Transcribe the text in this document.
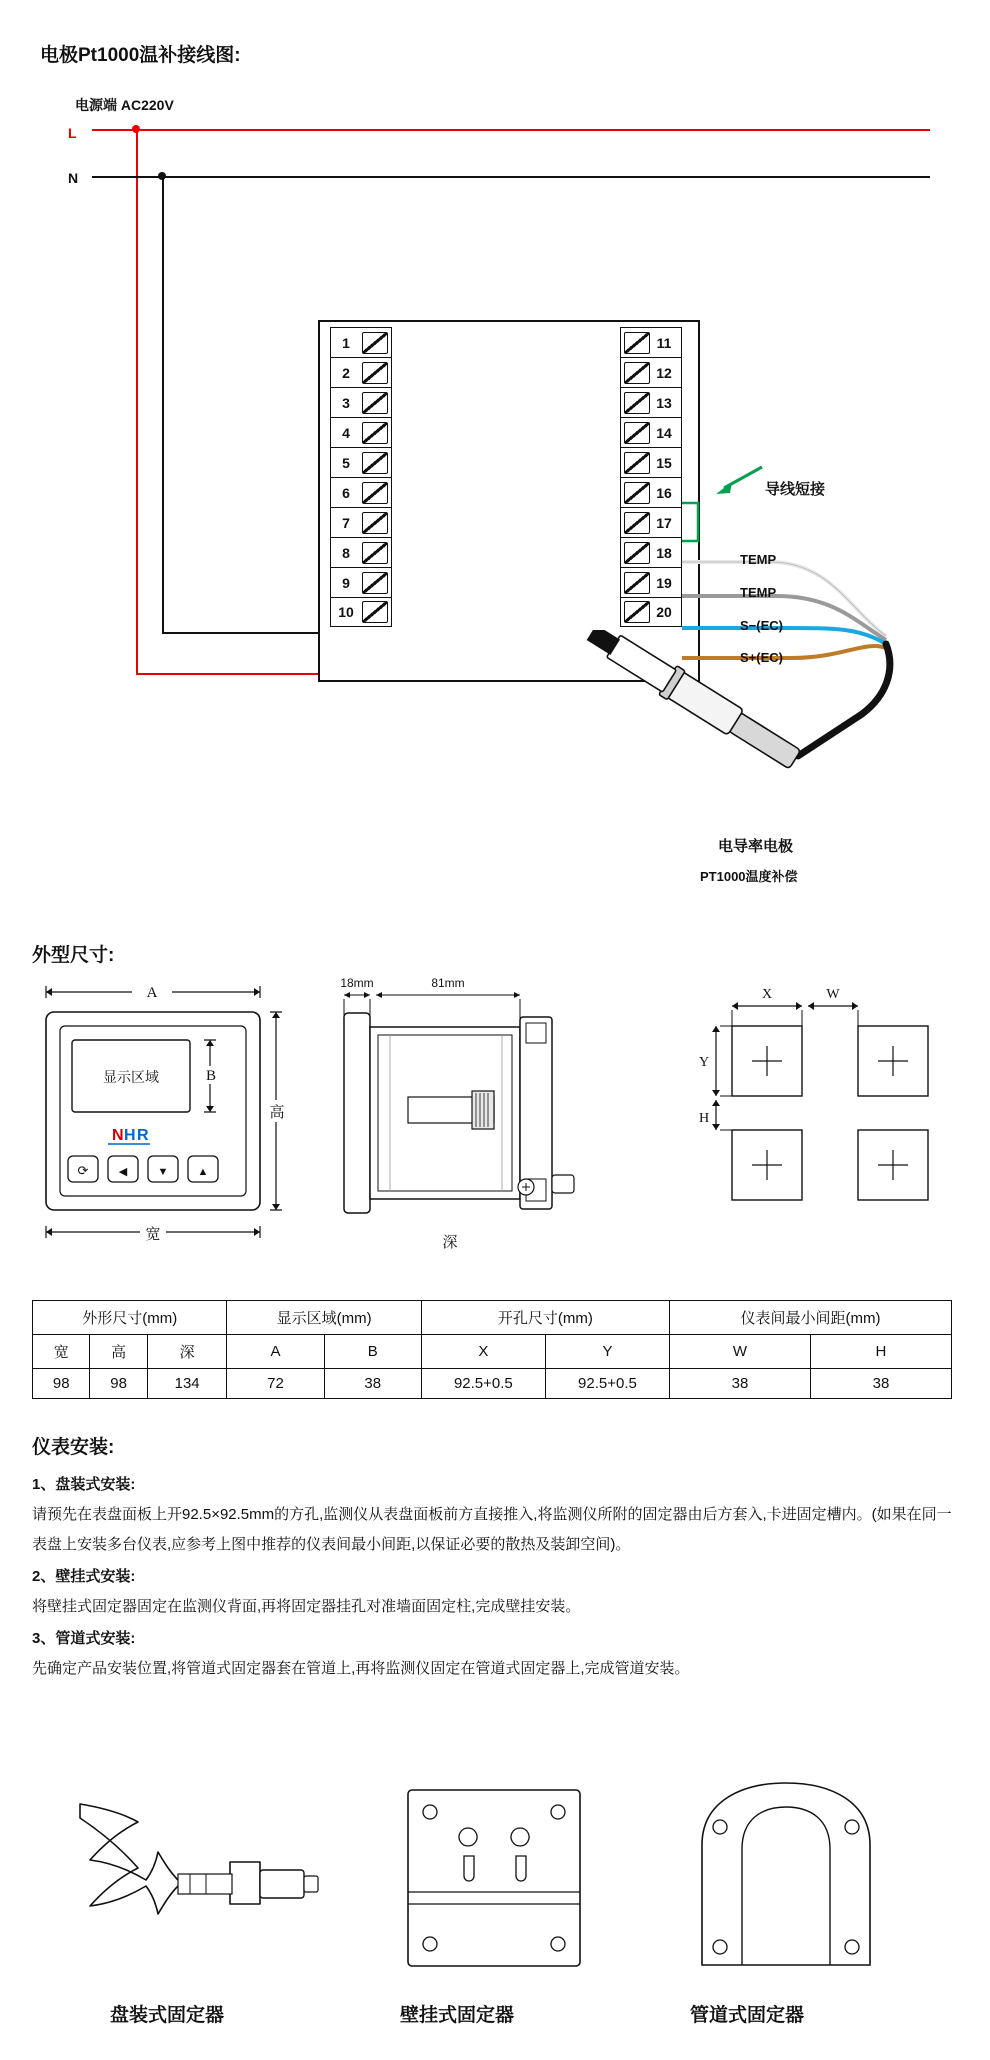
电极Pt1000温补接线图:
电源端 AC220V
L
N
1
2
3
4
5
6
7
8
9
10
11
12
13
14
15
16
17
18
19
20
导线短接
TEMP
TEMP
S−(EC)
S+(EC)
电导率电极
PT1000温度补偿
外型尺寸:
A
显示区域
N H R
⟳	◀	▼	▲
B
高
宽
18mm	81mm
深
X	W
Y
H
外形尺寸(mm)			显示区域(mm)		开孔尺寸(mm)		仪表间最小间距(mm)	
宽	高	深	A	B	X	Y	W	H
98	98	134	72	38	92.5+0.5	92.5+0.5	38	38
仪表安装:

1、盘装式安装:

请预先在表盘面板上开92.5×92.5mm的方孔,监测仪从表盘面板前方直接推入,将监测仪所附的固定器由后方套入,卡进固定槽内。(如果在同一表盘上安装多台仪表,应参考上图中推荐的仪表间最小间距,以保证必要的散热及装卸空间)。

2、壁挂式安装:

将壁挂式固定器固定在监测仪背面,再将固定器挂孔对准墙面固定柱,完成壁挂安装。

3、管道式安装:

先确定产品安装位置,将管道式固定器套在管道上,再将监测仪固定在管道式固定器上,完成管道安装。

盘装式固定器	壁挂式固定器	管道式固定器
